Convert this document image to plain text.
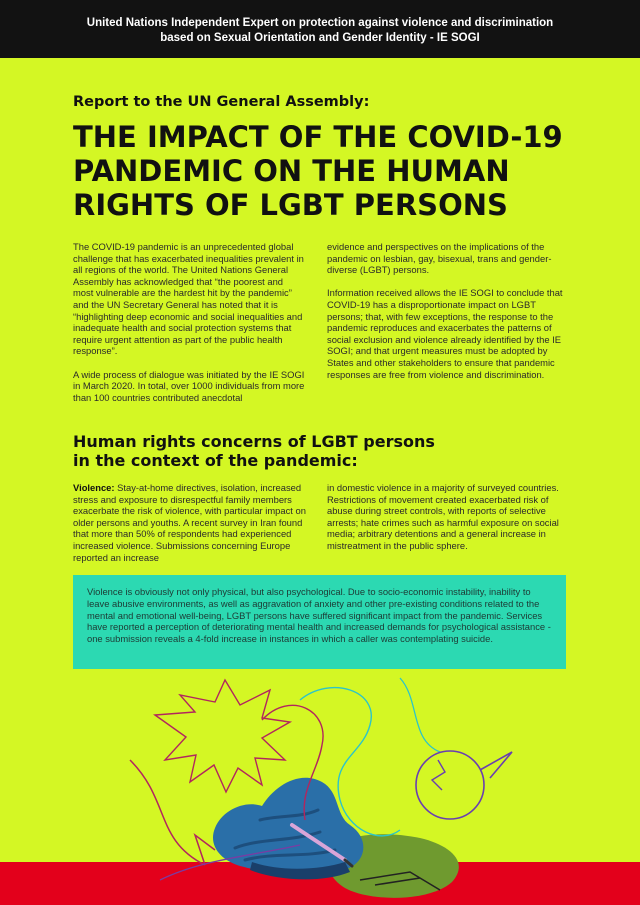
United Nations Independent Expert on protection against violence and discrimination
based on Sexual Orientation and Gender Identity - IE SOGI
Report to the UN General Assembly:
THE IMPACT OF THE COVID-19
PANDEMIC ON THE HUMAN
RIGHTS OF LGBT PERSONS

The COVID-19 pandemic is an unprecedented global challenge that has exacerbated inequalities prevalent in all regions of the world. The United Nations General Assembly has acknowledged that “the poorest and most vulnerable are the hardest hit by the pandemic” and the UN Secretary General has noted that it is “highlighting deep economic and social inequalities and inadequate health and social protection systems that require urgent attention as part of the public health response”.

A wide process of dialogue was initiated by the IE SOGI in March 2020. In total, over 1000 individuals from more than 100 countries contributed anecdotal

evidence and perspectives on the implications of the pandemic on lesbian, gay, bisexual, trans and gender-diverse (LGBT) persons.

Information received allows the IE SOGI to conclude that COVID-19 has a disproportionate impact on LGBT persons; that, with few exceptions, the response to the pandemic reproduces and exacerbates the patterns of social exclusion and violence already identified by the IE SOGI; and that urgent measures must be adopted by States and other stakeholders to ensure that pandemic responses are free from violence and discrimination.

Human rights concerns of LGBT persons
in the context of the pandemic:

Violence: Stay-at-home directives, isolation, increased stress and exposure to disrespectful family members exacerbate the risk of violence, with particular impact on older persons and youths. A recent survey in Iran found that more than 50% of respondents had experienced increased violence. Submissions concerning Europe reported an increase

in domestic violence in a majority of surveyed countries. Restrictions of movement created exacerbated risk of abuse during street controls, with reports of selective arrests; hate crimes such as harmful exposure on social media; arbitrary detentions and a general increase in mistreatment in the public sphere.

Violence is obviously not only physical, but also psychological. Due to socio-economic instability, inability to leave abusive environments, as well as aggravation of anxiety and other pre-existing conditions related to the mental and emotional well-being, LGBT persons have suffered significant impact from the pandemic. Services have reported a perception of deteriorating mental health and increased demands for psychological assistance - one submission reveals a 4-fold increase in instances in which a caller was contemplating suicide.
